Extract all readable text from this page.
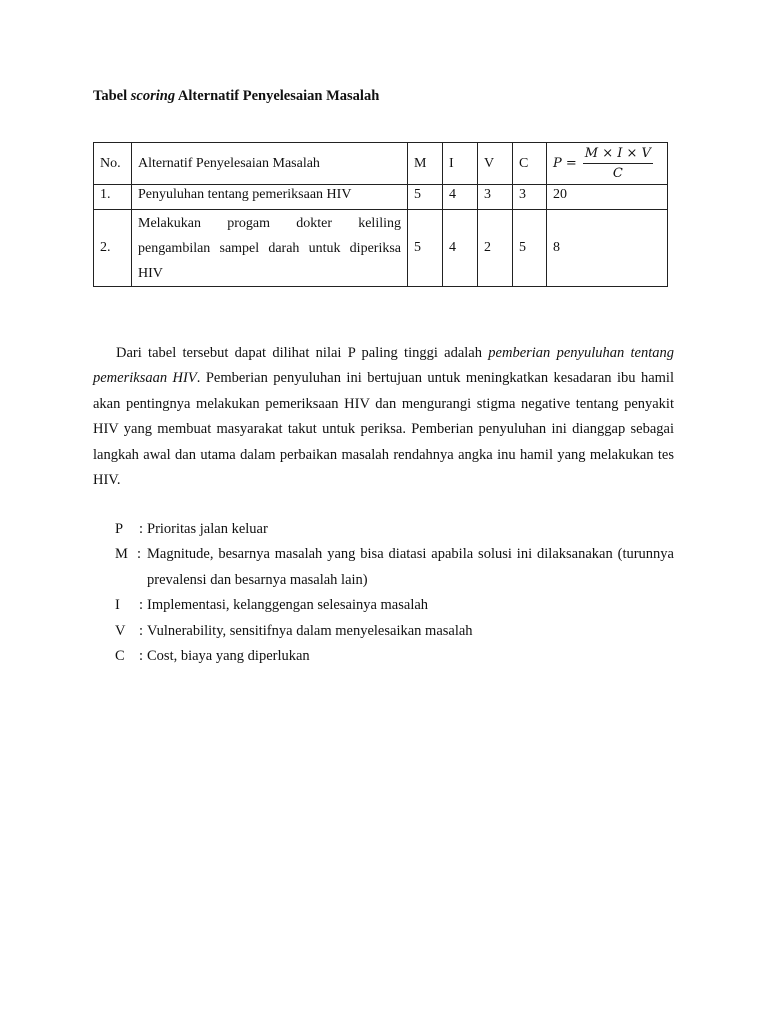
Tabel scoring Alternatif Penyelesaian Masalah
No.	Alternatif Penyelesaian Masalah	M	I	V	C	$P = \frac{M \times I \times V}{C}$

1.	Penyuluhan tentang pemeriksaan HIV	5	4	3	3	20
2.	Melakukan progam dokter keliling pengambilan sampel darah untuk diperiksa HIV	5	4	2	5	8

Dari tabel tersebut dapat dilihat nilai P paling tinggi adalah pemberian penyuluhan tentang pemeriksaan HIV. Pemberian penyuluhan ini bertujuan untuk meningkatkan kesadaran ibu hamil akan pentingnya melakukan pemeriksaan HIV dan mengurangi stigma negative tentang penyakit HIV yang membuat masyarakat takut untuk periksa. Pemberian penyuluhan ini dianggap sebagai langkah awal dan utama dalam perbaikan masalah rendahnya angka inu hamil yang melakukan tes HIV.

P	: Prioritas jalan keluar
M : Magnitude, besarnya masalah yang bisa diatasi apabila solusi ini dilaksanakan (turunnya prevalensi dan besarnya masalah lain)
I	: Implementasi, kelanggengan selesainya masalah
V : Vulnerability, sensitifnya dalam menyelesaikan masalah
C : Cost, biaya yang diperlukan
